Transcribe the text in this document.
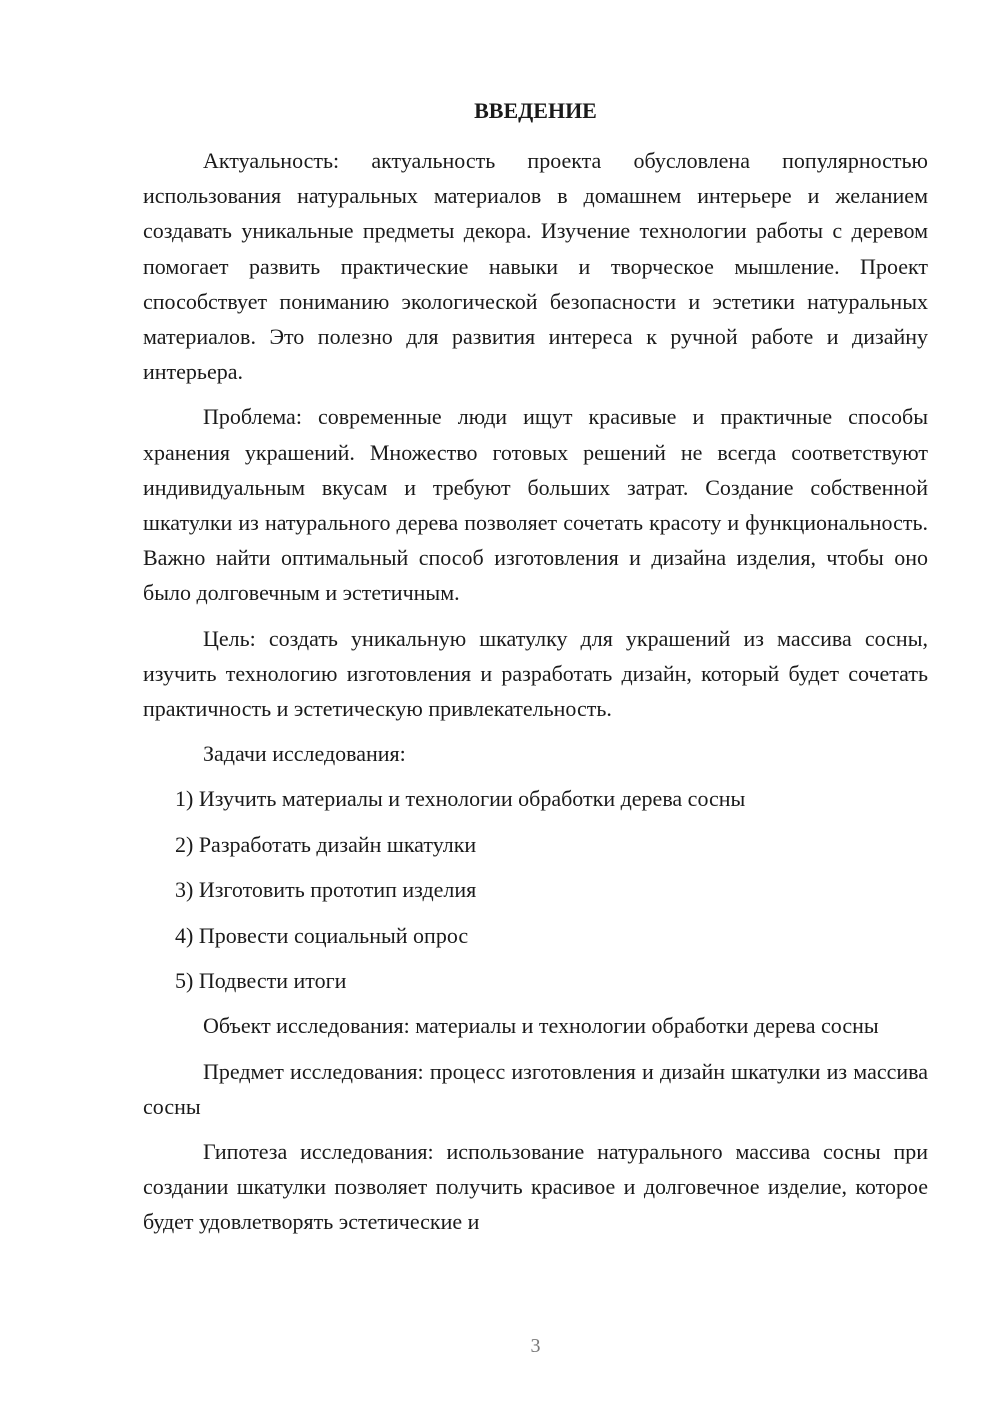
ВВЕДЕНИЕ

Актуальность: актуальность проекта обусловлена популярностью использования натуральных материалов в домашнем интерьере и желанием создавать уникальные предметы декора. Изучение технологии работы с деревом помогает развить практические навыки и творческое мышление. Проект способствует пониманию экологической безопасности и эстетики натуральных материалов. Это полезно для развития интереса к ручной работе и дизайну интерьера.

Проблема: современные люди ищут красивые и практичные способы хранения украшений. Множество готовых решений не всегда соответствуют индивидуальным вкусам и требуют больших затрат. Создание собственной шкатулки из натурального дерева позволяет сочетать красоту и функциональность. Важно найти оптимальный способ изготовления и дизайна изделия, чтобы оно было долговечным и эстетичным.

Цель: создать уникальную шкатулку для украшений из массива сосны, изучить технологию изготовления и разработать дизайн, который будет сочетать практичность и эстетическую привлекательность.

Задачи исследования:

1) Изучить материалы и технологии обработки дерева сосны
2) Разработать дизайн шкатулки
3) Изготовить прототип изделия
4) Провести социальный опрос
5) Подвести итоги

Объект исследования: материалы и технологии обработки дерева сосны

Предмет исследования: процесс изготовления и дизайн шкатулки из массива сосны

Гипотеза исследования: использование натурального массива сосны при создании шкатулки позволяет получить красивое и долговечное изделие, которое будет удовлетворять эстетические и

3
